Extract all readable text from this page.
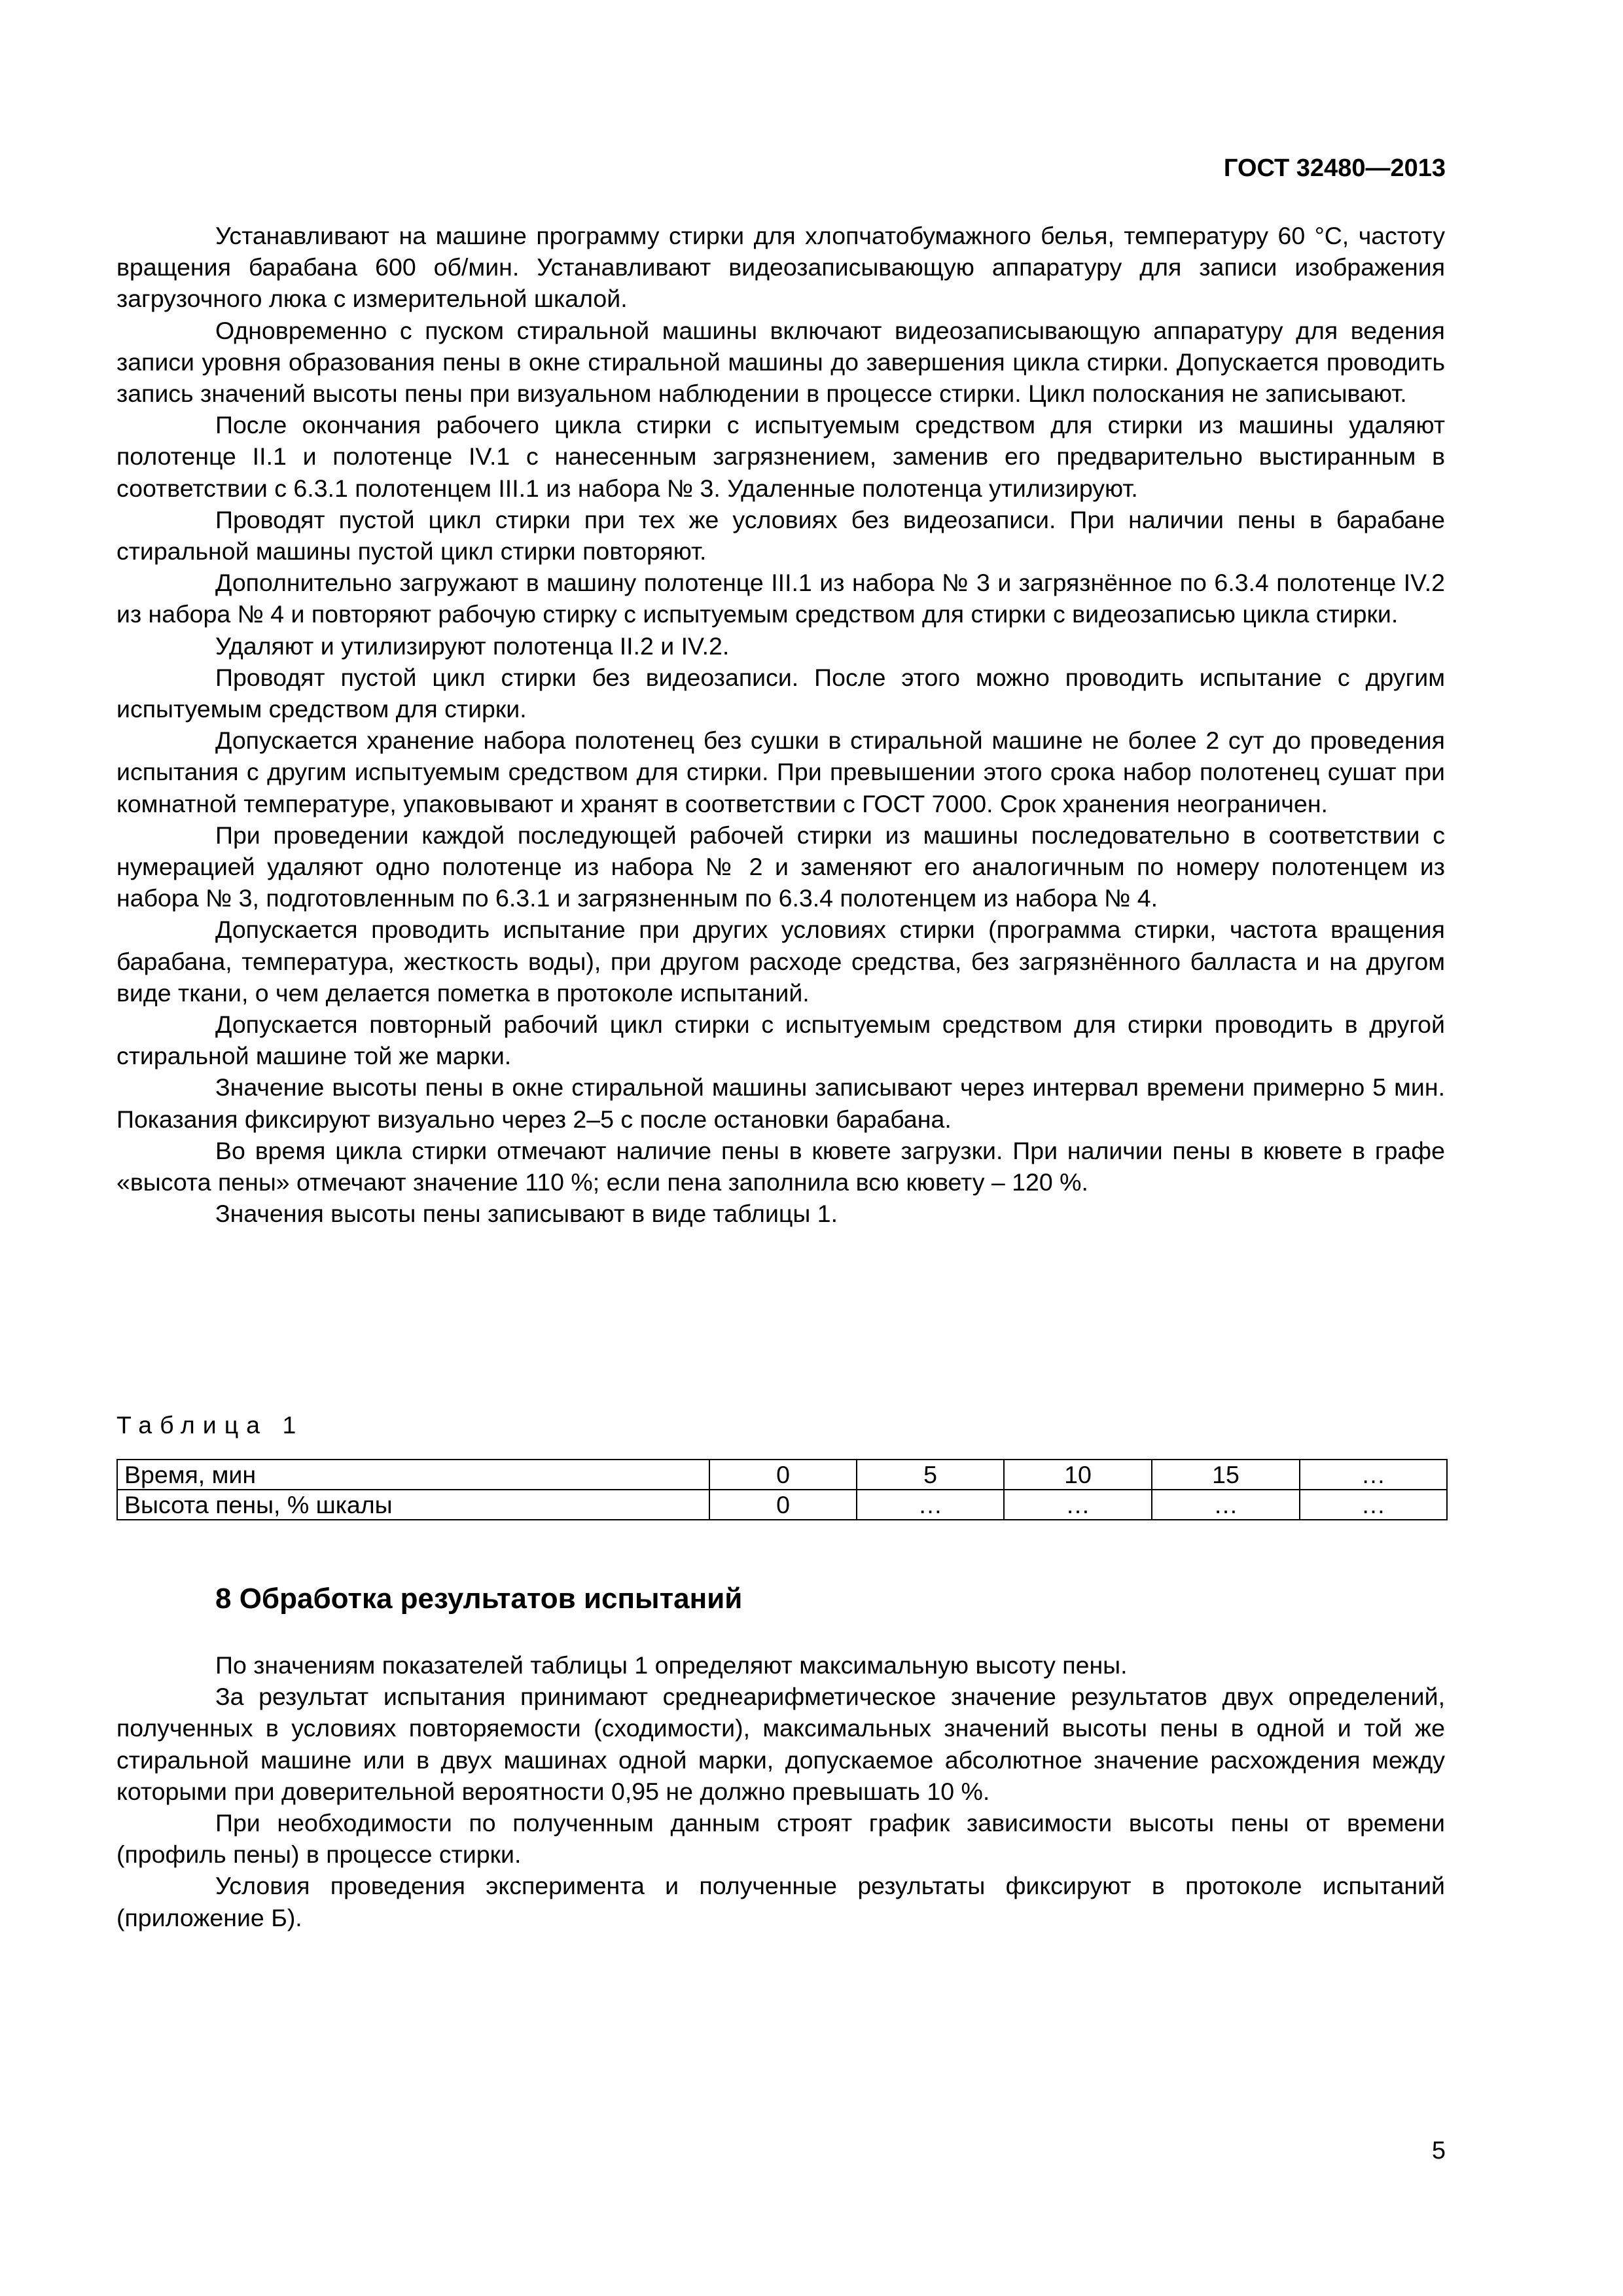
ГОСТ 32480—2013

Устанавливают на машине программу стирки для хлопчатобумажного белья, температуру 60 °С, частоту вращения барабана 600 об/мин. Устанавливают видеозаписывающую аппаратуру для записи изображения загрузочного люка с измерительной шкалой.

Одновременно с пуском стиральной машины включают видеозаписывающую аппаратуру для ведения записи уровня образования пены в окне стиральной машины до завершения цикла стирки. Допускается проводить запись значений высоты пены при визуальном наблюдении в процессе стирки. Цикл полоскания не записывают.

После окончания рабочего цикла стирки с испытуемым средством для стирки из машины удаляют полотенце II.1 и полотенце IV.1 с нанесенным загрязнением, заменив его предварительно выстиранным в соответствии с 6.3.1 полотенцем III.1 из набора № 3. Удаленные полотенца утилизируют.

Проводят пустой цикл стирки при тех же условиях без видеозаписи. При наличии пены в барабане стиральной машины пустой цикл стирки повторяют.

Дополнительно загружают в машину полотенце III.1 из набора № 3 и загрязнённое по 6.3.4 полотенце IV.2 из набора № 4 и повторяют рабочую стирку с испытуемым средством для стирки с видеозаписью цикла стирки.

Удаляют и утилизируют полотенца II.2 и IV.2.

Проводят пустой цикл стирки без видеозаписи. После этого можно проводить испытание с другим испытуемым средством для стирки.

Допускается хранение набора полотенец без сушки в стиральной машине не более 2 сут до проведения испытания с другим испытуемым средством для стирки. При превышении этого срока набор полотенец сушат при комнатной температуре, упаковывают и хранят в соответствии с ГОСТ 7000. Срок хранения неограничен.

При проведении каждой последующей рабочей стирки из машины последовательно в соответствии с нумерацией удаляют одно полотенце из набора № 2 и заменяют его аналогичным по номеру полотенцем из набора № 3, подготовленным по 6.3.1 и загрязненным по 6.3.4 полотенцем из набора № 4.

Допускается проводить испытание при других условиях стирки (программа стирки, частота вращения барабана, температура, жесткость воды), при другом расходе средства, без загрязнённого балласта и на другом виде ткани, о чем делается пометка в протоколе испытаний.

Допускается повторный рабочий цикл стирки с испытуемым средством для стирки проводить в другой стиральной машине той же марки.

Значение высоты пены в окне стиральной машины записывают через интервал времени примерно 5 мин. Показания фиксируют визуально через 2–5 с после остановки барабана.

Во время цикла стирки отмечают наличие пены в кювете загрузки. При наличии пены в кювете в графе «высота пены» отмечают значение 110 %; если пена заполнила всю кювету – 120 %.

Значения высоты пены записывают в виде таблицы 1.

Таблица 1

Время, мин	0	5	10	15	…
Высота пены, % шкалы	0	…	…	…	…
8 Обработка результатов испытаний

По значениям показателей таблицы 1 определяют максимальную высоту пены.

За результат испытания принимают среднеарифметическое значение результатов двух определений, полученных в условиях повторяемости (сходимости), максимальных значений высоты пены в одной и той же стиральной машине или в двух машинах одной марки, допускаемое абсолютное значение расхождения между которыми при доверительной вероятности 0,95 не должно превышать 10 %.

При необходимости по полученным данным строят график зависимости высоты пены от времени (профиль пены) в процессе стирки.

Условия проведения эксперимента и полученные результаты фиксируют в протоколе испытаний (приложение Б).

5
